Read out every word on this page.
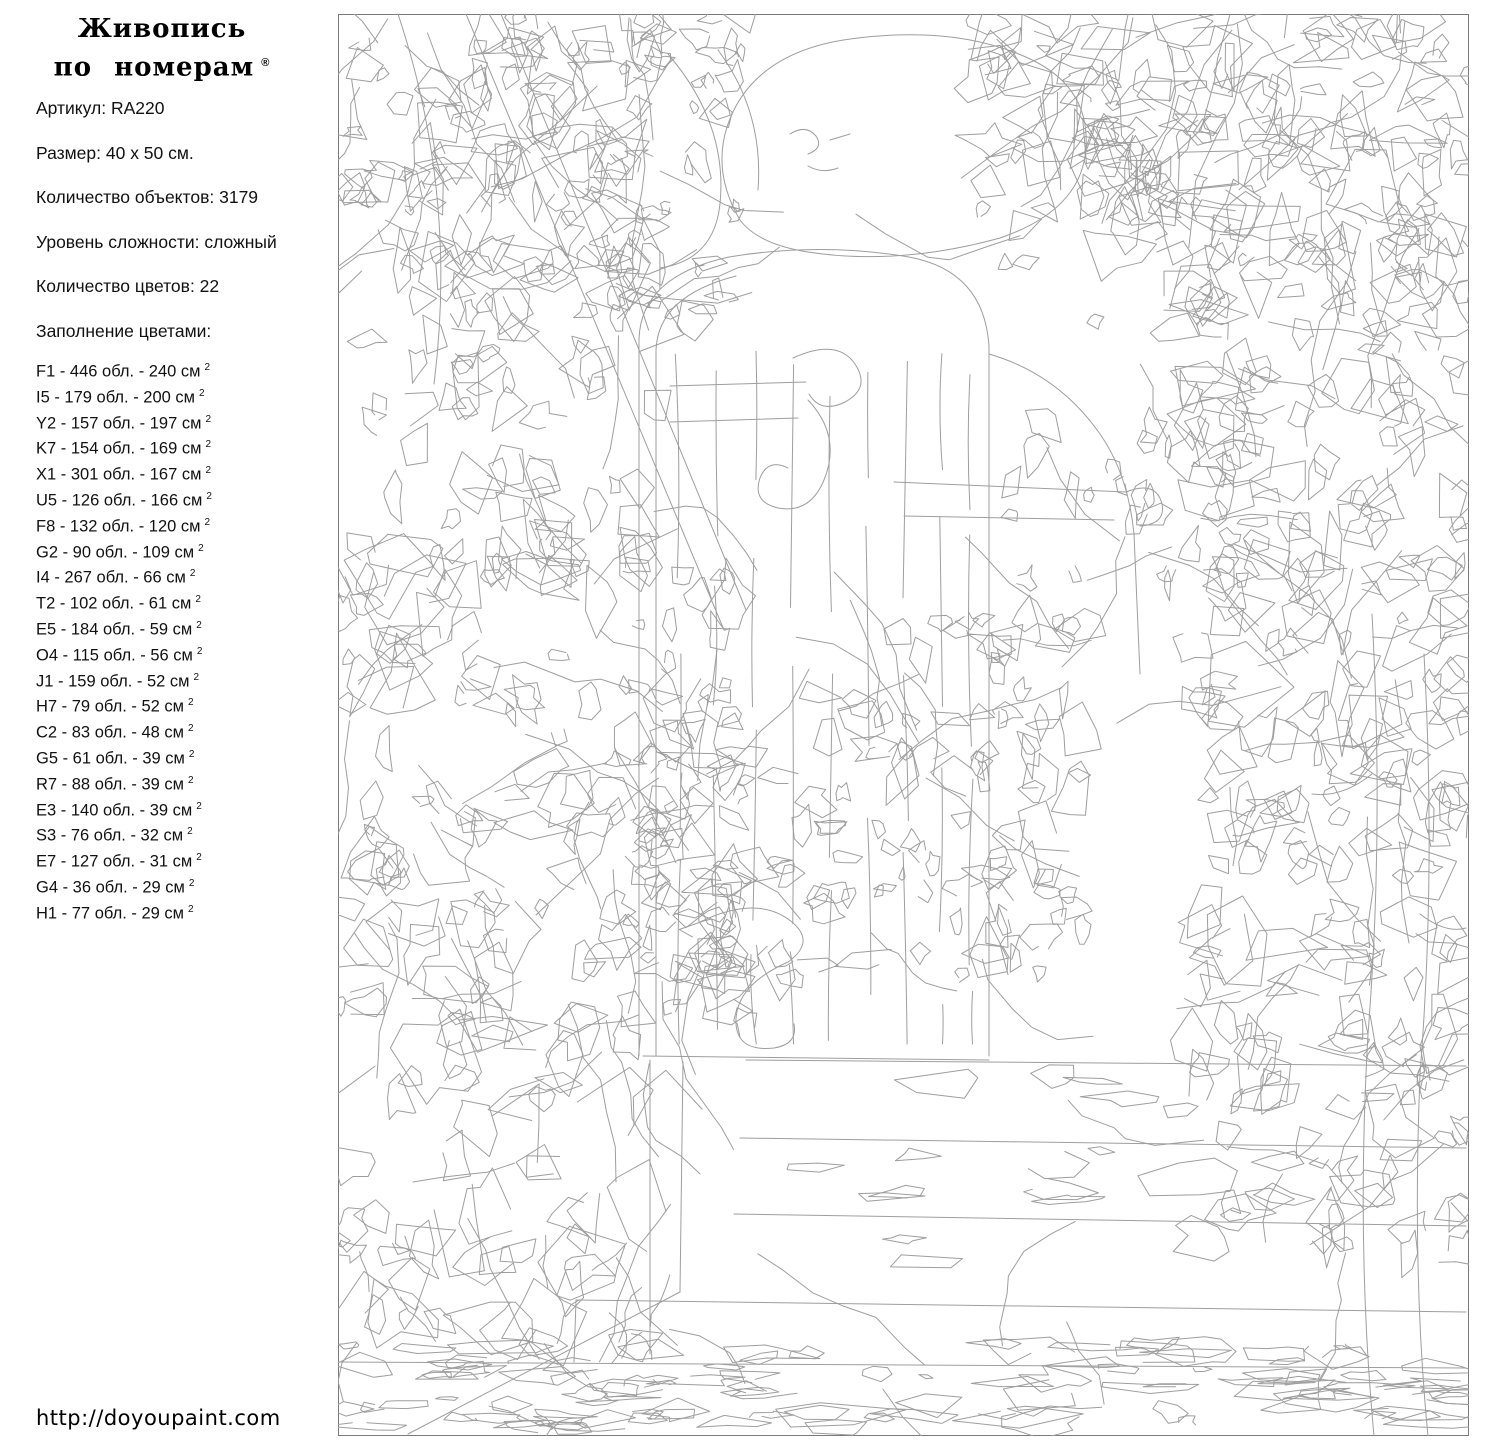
Живопись
по номерам ®
Артикул: RA220
Размер: 40 x 50 см.
Количество объектов: 3179
Уровень сложности: сложный
Количество цветов: 22
Заполнение цветами:
F1 - 446 обл. - 240 см $^2$
I5 - 179 обл. - 200 см $^2$
Y2 - 157 обл. - 197 см $^2$
K7 - 154 обл. - 169 см $^2$
X1 - 301 обл. - 167 см $^2$
U5 - 126 обл. - 166 см $^2$
F8 - 132 обл. - 120 см $^2$
G2 - 90 обл. - 109 см $^2$
I4 - 267 обл. - 66 см $^2$
T2 - 102 обл. - 61 см $^2$
E5 - 184 обл. - 59 см $^2$
O4 - 115 обл. - 56 см $^2$
J1 - 159 обл. - 52 см $^2$
H7 - 79 обл. - 52 см $^2$
C2 - 83 обл. - 48 см $^2$
G5 - 61 обл. - 39 см $^2$
R7 - 88 обл. - 39 см $^2$
E3 - 140 обл. - 39 см $^2$
S3 - 76 обл. - 32 см $^2$
E7 - 127 обл. - 31 см $^2$
G4 - 36 обл. - 29 см $^2$
H1 - 77 обл. - 29 см $^2$
http://doyoupaint.com
